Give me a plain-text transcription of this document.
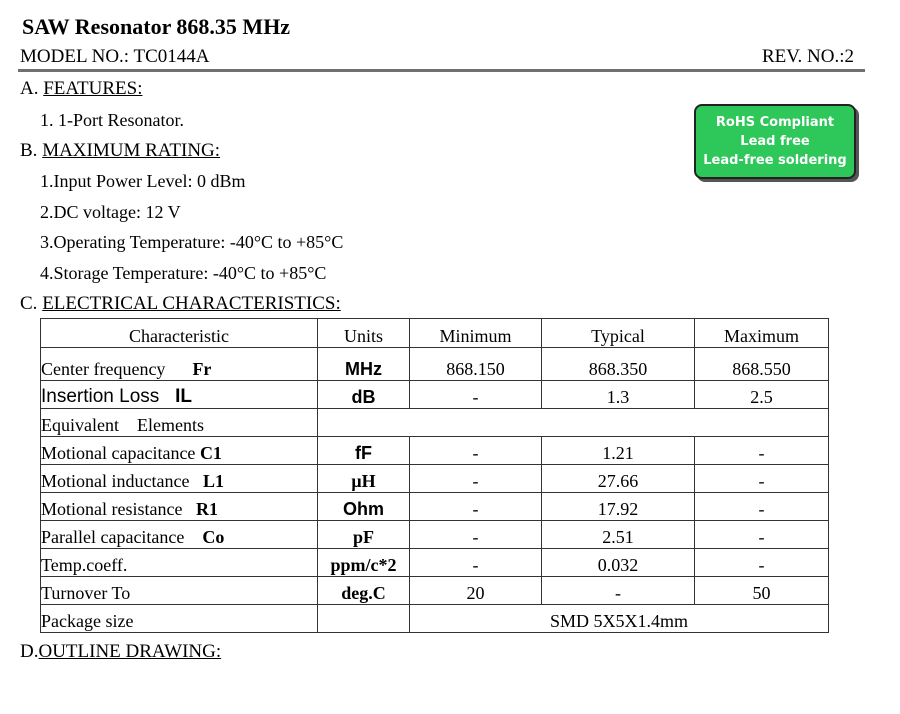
SAW Resonator 868.35 MHz
MODEL NO.: TC0144A	REV. NO.:2
A. FEATURES:
1. 1-Port Resonator.
B. MAXIMUM RATING:
1.Input Power Level: 0 dBm
2.DC voltage: 12 V
3.Operating Temperature: -40°C to +85°C
4.Storage Temperature: -40°C to +85°C
RoHS Compliant
Lead free
Lead-free soldering
C. ELECTRICAL CHARACTERISTICS:
Characteristic	Units	Minimum	Typical	Maximum
Center frequency Fr	MHz	868.150	868.350	868.550
Insertion Loss IL	dB	-	1.3	2.5
Equivalent    Elements				
Motional capacitance C1	fF	-	1.21	-
Motional inductance L1	μH	-	27.66	-
Motional resistance R1	Ohm	-	17.92	-
Parallel capacitance Co	pF	-	2.51	-
Temp.coeff.	ppm/c*2	-	0.032	-
Turnover To	deg.C	20	-	50
Package size		SMD 5X5X1.4mm		
D.OUTLINE DRAWING:
